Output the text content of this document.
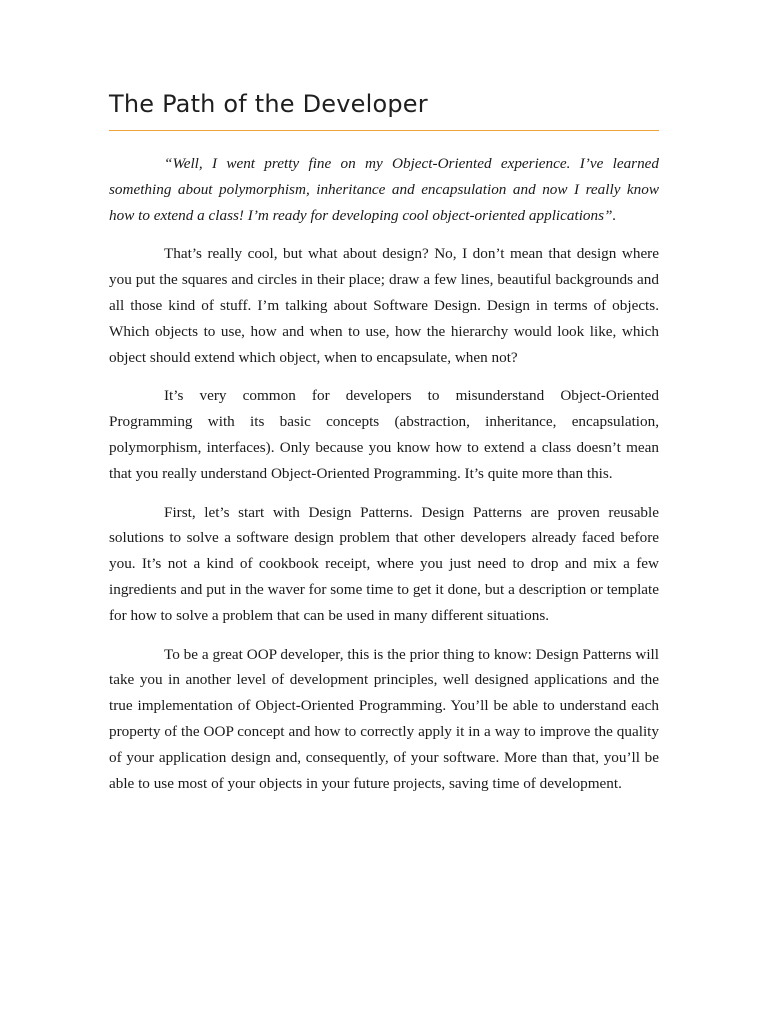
The Path of the Developer

“Well, I went pretty fine on my Object-Oriented experience. I’ve learned something about polymorphism, inheritance and encapsulation and now I really know how to extend a class! I’m ready for developing cool object-oriented applications”.

That’s really cool, but what about design? No, I don’t mean that design where you put the squares and circles in their place; draw a few lines, beautiful backgrounds and all those kind of stuff. I’m talking about Software Design. Design in terms of objects. Which objects to use, how and when to use, how the hierarchy would look like, which object should extend which object, when to encapsulate, when not?

It’s very common for developers to misunderstand Object-Oriented Programming with its basic concepts (abstraction, inheritance, encapsulation, polymorphism, interfaces). Only because you know how to extend a class doesn’t mean that you really understand Object-Oriented Programming. It’s quite more than this.

First, let’s start with Design Patterns. Design Patterns are proven reusable solutions to solve a software design problem that other developers already faced before you. It’s not a kind of cookbook receipt, where you just need to drop and mix a few ingredients and put in the waver for some time to get it done, but a description or template for how to solve a problem that can be used in many different situations.

To be a great OOP developer, this is the prior thing to know: Design Patterns will take you in another level of development principles, well designed applications and the true implementation of Object-Oriented Programming. You’ll be able to understand each property of the OOP concept and how to correctly apply it in a way to improve the quality of your application design and, consequently, of your software. More than that, you’ll be able to use most of your objects in your future projects, saving time of development.
